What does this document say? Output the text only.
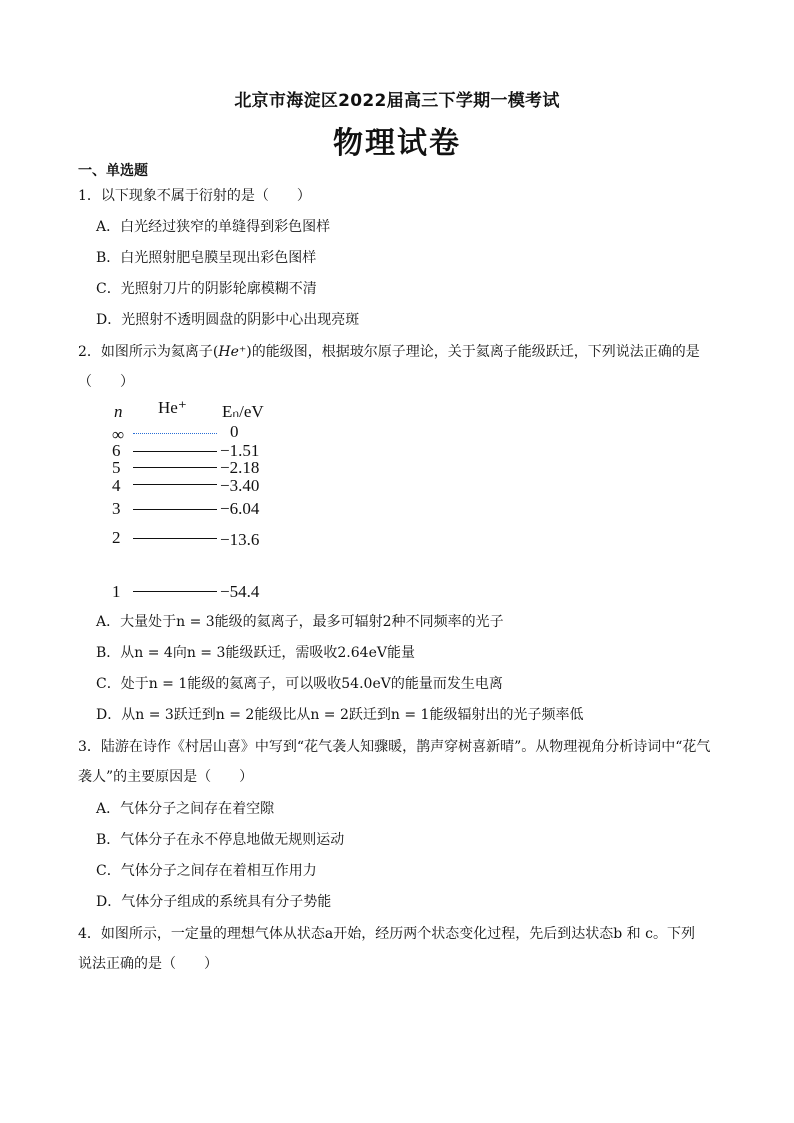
北京市海淀区2022届高三下学期一模考试
物理试卷
一、单选题
1．以下现象不属于衍射的是（　　）
A．白光经过狭窄的单缝得到彩色图样
B．白光照射肥皂膜呈现出彩色图样
C．光照射刀片的阴影轮廓模糊不清
D．光照射不透明圆盘的阴影中心出现亮斑
2．如图所示为氦离子(He⁺)的能级图，根据玻尔原子理论，关于氦离子能级跃迁，下列说法正确的是
（　　）
n He⁺ Eₙ/eV
∞	0
6	−1.51
5	−2.18
4	−3.40
3	−6.04
2	−13.6
1	−54.4
A．大量处于n = 3能级的氦离子，最多可辐射2种不同频率的光子
B．从n = 4向n = 3能级跃迁，需吸收2.64eV能量
C．处于n = 1能级的氦离子，可以吸收54.0eV的能量而发生电离
D．从n = 3跃迁到n = 2能级比从n = 2跃迁到n = 1能级辐射出的光子频率低
3．陆游在诗作《村居山喜》中写到“花气袭人知骤暖，鹊声穿树喜新晴”。从物理视角分析诗词中“花气
袭人”的主要原因是（　　）
A．气体分子之间存在着空隙
B．气体分子在永不停息地做无规则运动
C．气体分子之间存在着相互作用力
D．气体分子组成的系统具有分子势能
4．如图所示，一定量的理想气体从状态a开始，经历两个状态变化过程，先后到达状态b 和 c。下列
说法正确的是（　　）
